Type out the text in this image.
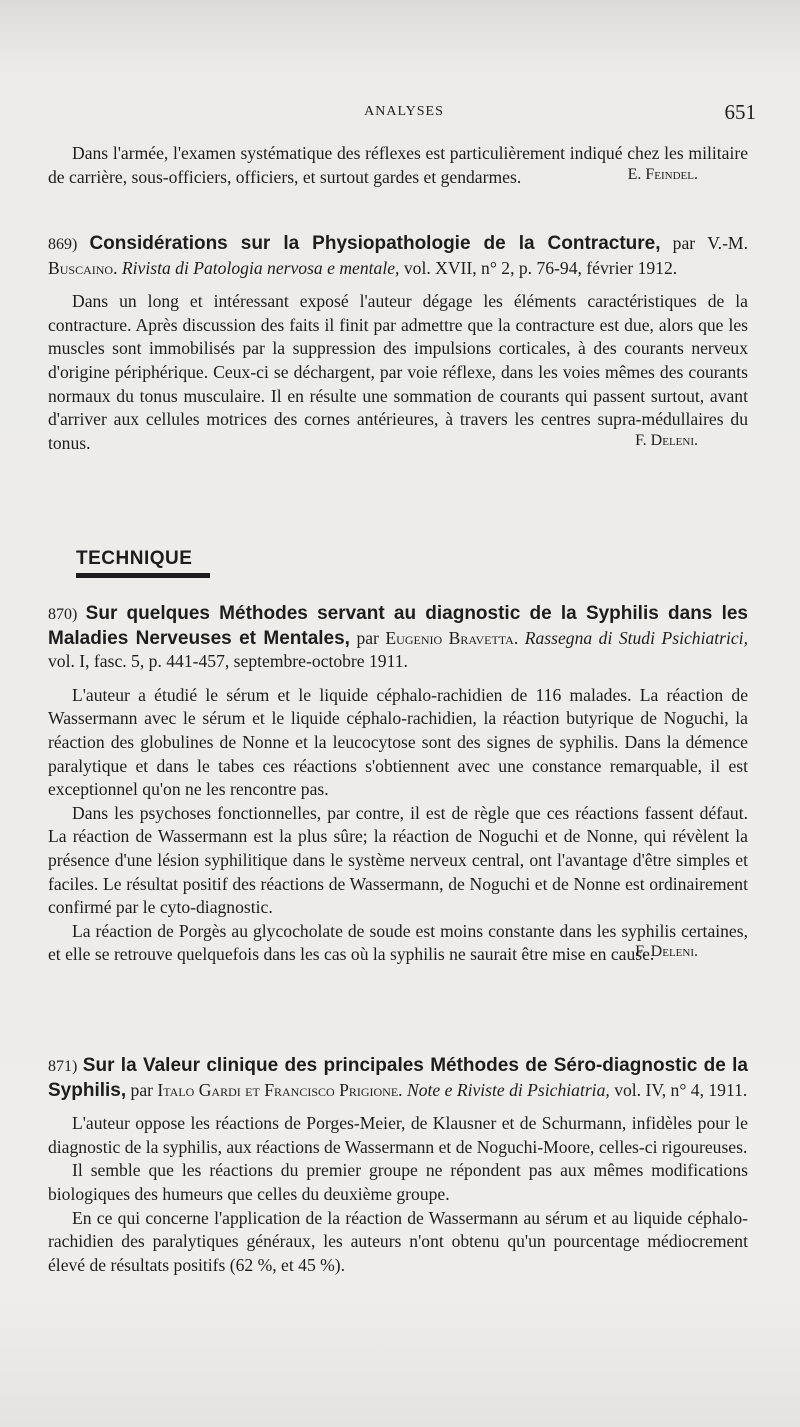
ANALYSES	651

Dans l'armée, l'examen systématique des réflexes est particulièrement indiqué chez les militaire de carrière, sous-officiers, officiers, et surtout gardes et gendarmes.	E. Feindel.

869) Considérations sur la Physiopathologie de la Contracture, par V.-M. Buscaino. Rivista di Patologia nervosa e mentale, vol. XVII, n° 2, p. 76-94, février 1912.

Dans un long et intéressant exposé l'auteur dégage les éléments caractéristiques de la contracture. Après discussion des faits il finit par admettre que la contracture est due, alors que les muscles sont immobilisés par la suppression des impulsions corticales, à des courants nerveux d'origine périphérique. Ceux-ci se déchargent, par voie réflexe, dans les voies mêmes des courants normaux du tonus musculaire. Il en résulte une sommation de courants qui passent surtout, avant d'arriver aux cellules motrices des cornes antérieures, à travers les centres supra-médullaires du tonus.	F. Deleni.
TECHNIQUE

870) Sur quelques Méthodes servant au diagnostic de la Syphilis dans les Maladies Nerveuses et Mentales, par Eugenio Bravetta. Rassegna di Studi Psichiatrici, vol. I, fasc. 5, p. 441-457, septembre-octobre 1911.

L'auteur a étudié le sérum et le liquide céphalo-rachidien de 116 malades. La réaction de Wassermann avec le sérum et le liquide céphalo-rachidien, la réaction butyrique de Noguchi, la réaction des globulines de Nonne et la leucocytose sont des signes de syphilis. Dans la démence paralytique et dans le tabes ces réactions s'obtiennent avec une constance remarquable, il est exceptionnel qu'on ne les rencontre pas.

Dans les psychoses fonctionnelles, par contre, il est de règle que ces réactions fassent défaut. La réaction de Wassermann est la plus sûre; la réaction de Noguchi et de Nonne, qui révèlent la présence d'une lésion syphilitique dans le système nerveux central, ont l'avantage d'être simples et faciles. Le résultat positif des réactions de Wassermann, de Noguchi et de Nonne est ordinairement confirmé par le cyto-diagnostic.

La réaction de Porgès au glycocholate de soude est moins constante dans les syphilis certaines, et elle se retrouve quelquefois dans les cas où la syphilis ne saurait être mise en cause.

F. Deleni.

871) Sur la Valeur clinique des principales Méthodes de Séro-diagnostic de la Syphilis, par Italo Gardi et Francisco Prigione. Note e Riviste di Psichiatria, vol. IV, n° 4, 1911.

L'auteur oppose les réactions de Porges-Meier, de Klausner et de Schurmann, infidèles pour le diagnostic de la syphilis, aux réactions de Wassermann et de Noguchi-Moore, celles-ci rigoureuses.

Il semble que les réactions du premier groupe ne répondent pas aux mêmes modifications biologiques des humeurs que celles du deuxième groupe.

En ce qui concerne l'application de la réaction de Wassermann au sérum et au liquide céphalo-rachidien des paralytiques généraux, les auteurs n'ont obtenu qu'un pourcentage médiocrement élevé de résultats positifs (62 %, et 45 %).
